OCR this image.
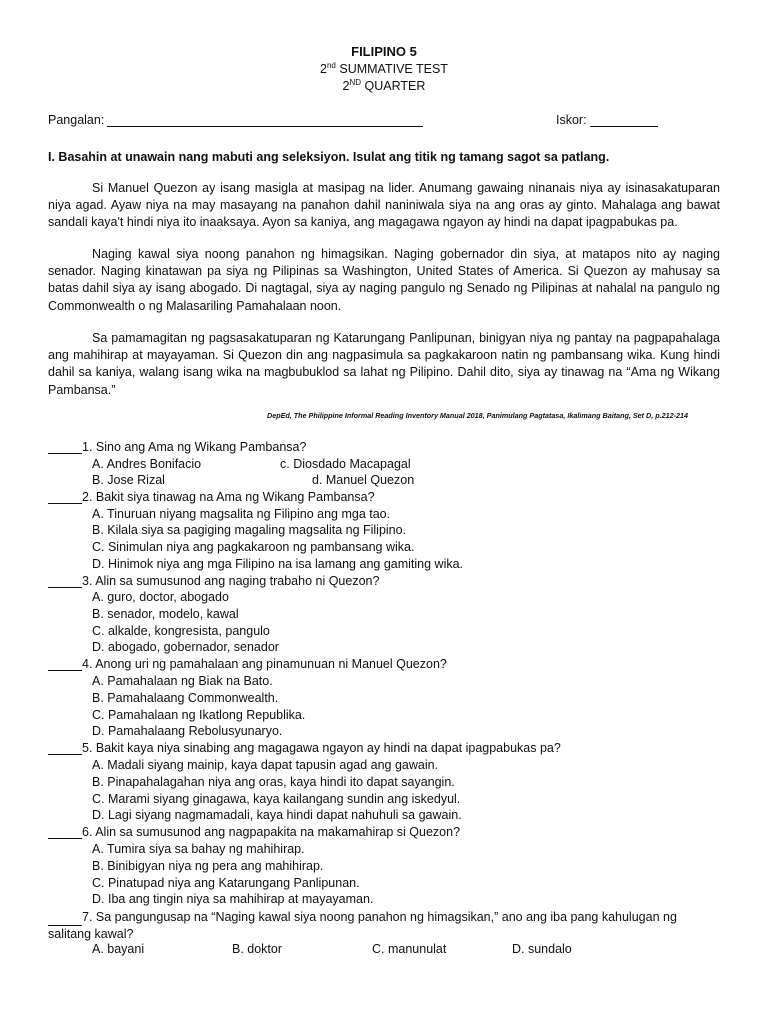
FILIPINO 5
2nd SUMMATIVE TEST
2ND QUARTER
Pangalan:	Iskor:
I. Basahin at unawain nang mabuti ang seleksiyon. Isulat ang titik ng tamang sagot sa patlang.

Si Manuel Quezon ay isang masigla at masipag na lider. Anumang gawaing ninanais niya ay isinasakatuparan niya agad. Ayaw niya na may masayang na panahon dahil naniniwala siya na ang oras ay ginto. Mahalaga ang bawat sandali kaya't hindi niya ito inaaksaya. Ayon sa kaniya, ang magagawa ngayon ay hindi na dapat ipagpabukas pa.

Naging kawal siya noong panahon ng himagsikan. Naging gobernador din siya, at matapos nito ay naging senador. Naging kinatawan pa siya ng Pilipinas sa Washington, United States of America. Si Quezon ay mahusay sa batas dahil siya ay isang abogado. Di nagtagal, siya ay naging pangulo ng Senado ng Pilipinas at nahalal na pangulo ng Commonwealth o ng Malasariling Pamahalaan noon.

Sa pamamagitan ng pagsasakatuparan ng Katarungang Panlipunan, binigyan niya ng pantay na pagpapahalaga ang mahihirap at mayayaman. Si Quezon din ang nagpasimula sa pagkakaroon natin ng pambansang wika. Kung hindi dahil sa kaniya, walang isang wika na magbubuklod sa lahat ng Pilipino. Dahil dito, siya ay tinawag na “Ama ng Wikang Pambansa.”

DepEd, The Philippine Informal Reading Inventory Manual 2018, Panimulang Pagtatasa, Ikalimang Baitang, Set D, p.212-214
1. Sino ang Ama ng Wikang Pambansa?
A. Andres Bonifacio	c. Diosdado Macapagal
B. Jose Rizal	d. Manuel Quezon
2. Bakit siya tinawag na Ama ng Wikang Pambansa?
A. Tinuruan niyang magsalita ng Filipino ang mga tao.
B. Kilala siya sa pagiging magaling magsalita ng Filipino.
C. Sinimulan niya ang pagkakaroon ng pambansang wika.
D. Hinimok niya ang mga Filipino na isa lamang ang gamiting wika.
3. Alin sa sumusunod ang naging trabaho ni Quezon?
A. guro, doctor, abogado
B. senador, modelo, kawal
C. alkalde, kongresista, pangulo
D. abogado, gobernador, senador
4. Anong uri ng pamahalaan ang pinamunuan ni Manuel Quezon?
A. Pamahalaan ng Biak na Bato.
B. Pamahalaang Commonwealth.
C. Pamahalaan ng Ikatlong Republika.
D. Pamahalaang Rebolusyunaryo.
5. Bakit kaya niya sinabing ang magagawa ngayon ay hindi na dapat ipagpabukas pa?
A. Madali siyang mainip, kaya dapat tapusin agad ang gawain.
B. Pinapahalagahan niya ang oras, kaya hindi ito dapat sayangin.
C. Marami siyang ginagawa, kaya kailangang sundin ang iskedyul.
D. Lagi siyang nagmamadali, kaya hindi dapat nahuhuli sa gawain.
6. Alin sa sumusunod ang nagpapakita na makamahirap si Quezon?
A. Tumira siya sa bahay ng mahihirap.
B. Binibigyan niya ng pera ang mahihirap.
C. Pinatupad niya ang Katarungang Panlipunan.
D. Iba ang tingin niya sa mahihirap at mayayaman.
7. Sa pangungusap na “Naging kawal siya noong panahon ng himagsikan,” ano ang iba pang kahulugan ng salitang kawal?
A. bayani	B. doktor	C. manunulat	D. sundalo
